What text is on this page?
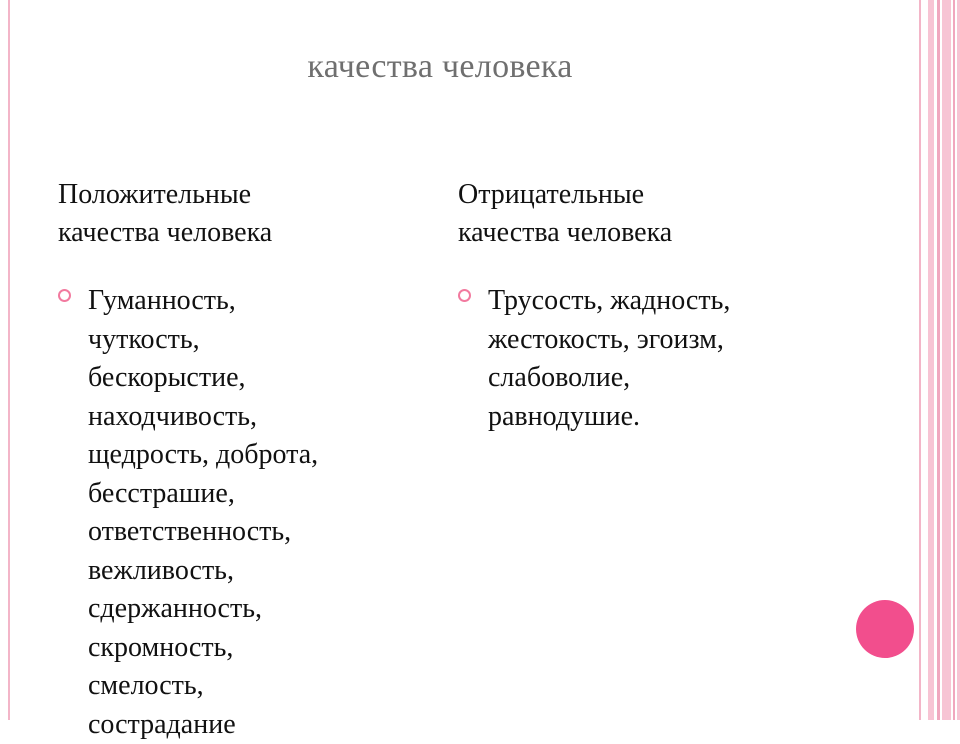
качества человека
Положительные
качества человека
Гуманность,
чуткость,
бескорыстие,
находчивость,
щедрость, доброта,
бесстрашие,
ответственность,
вежливость,
сдержанность,
скромность,
смелость,
сострадание
Отрицательные
качества человека
Трусость, жадность,
жестокость, эгоизм,
слабоволие,
равнодушие.
